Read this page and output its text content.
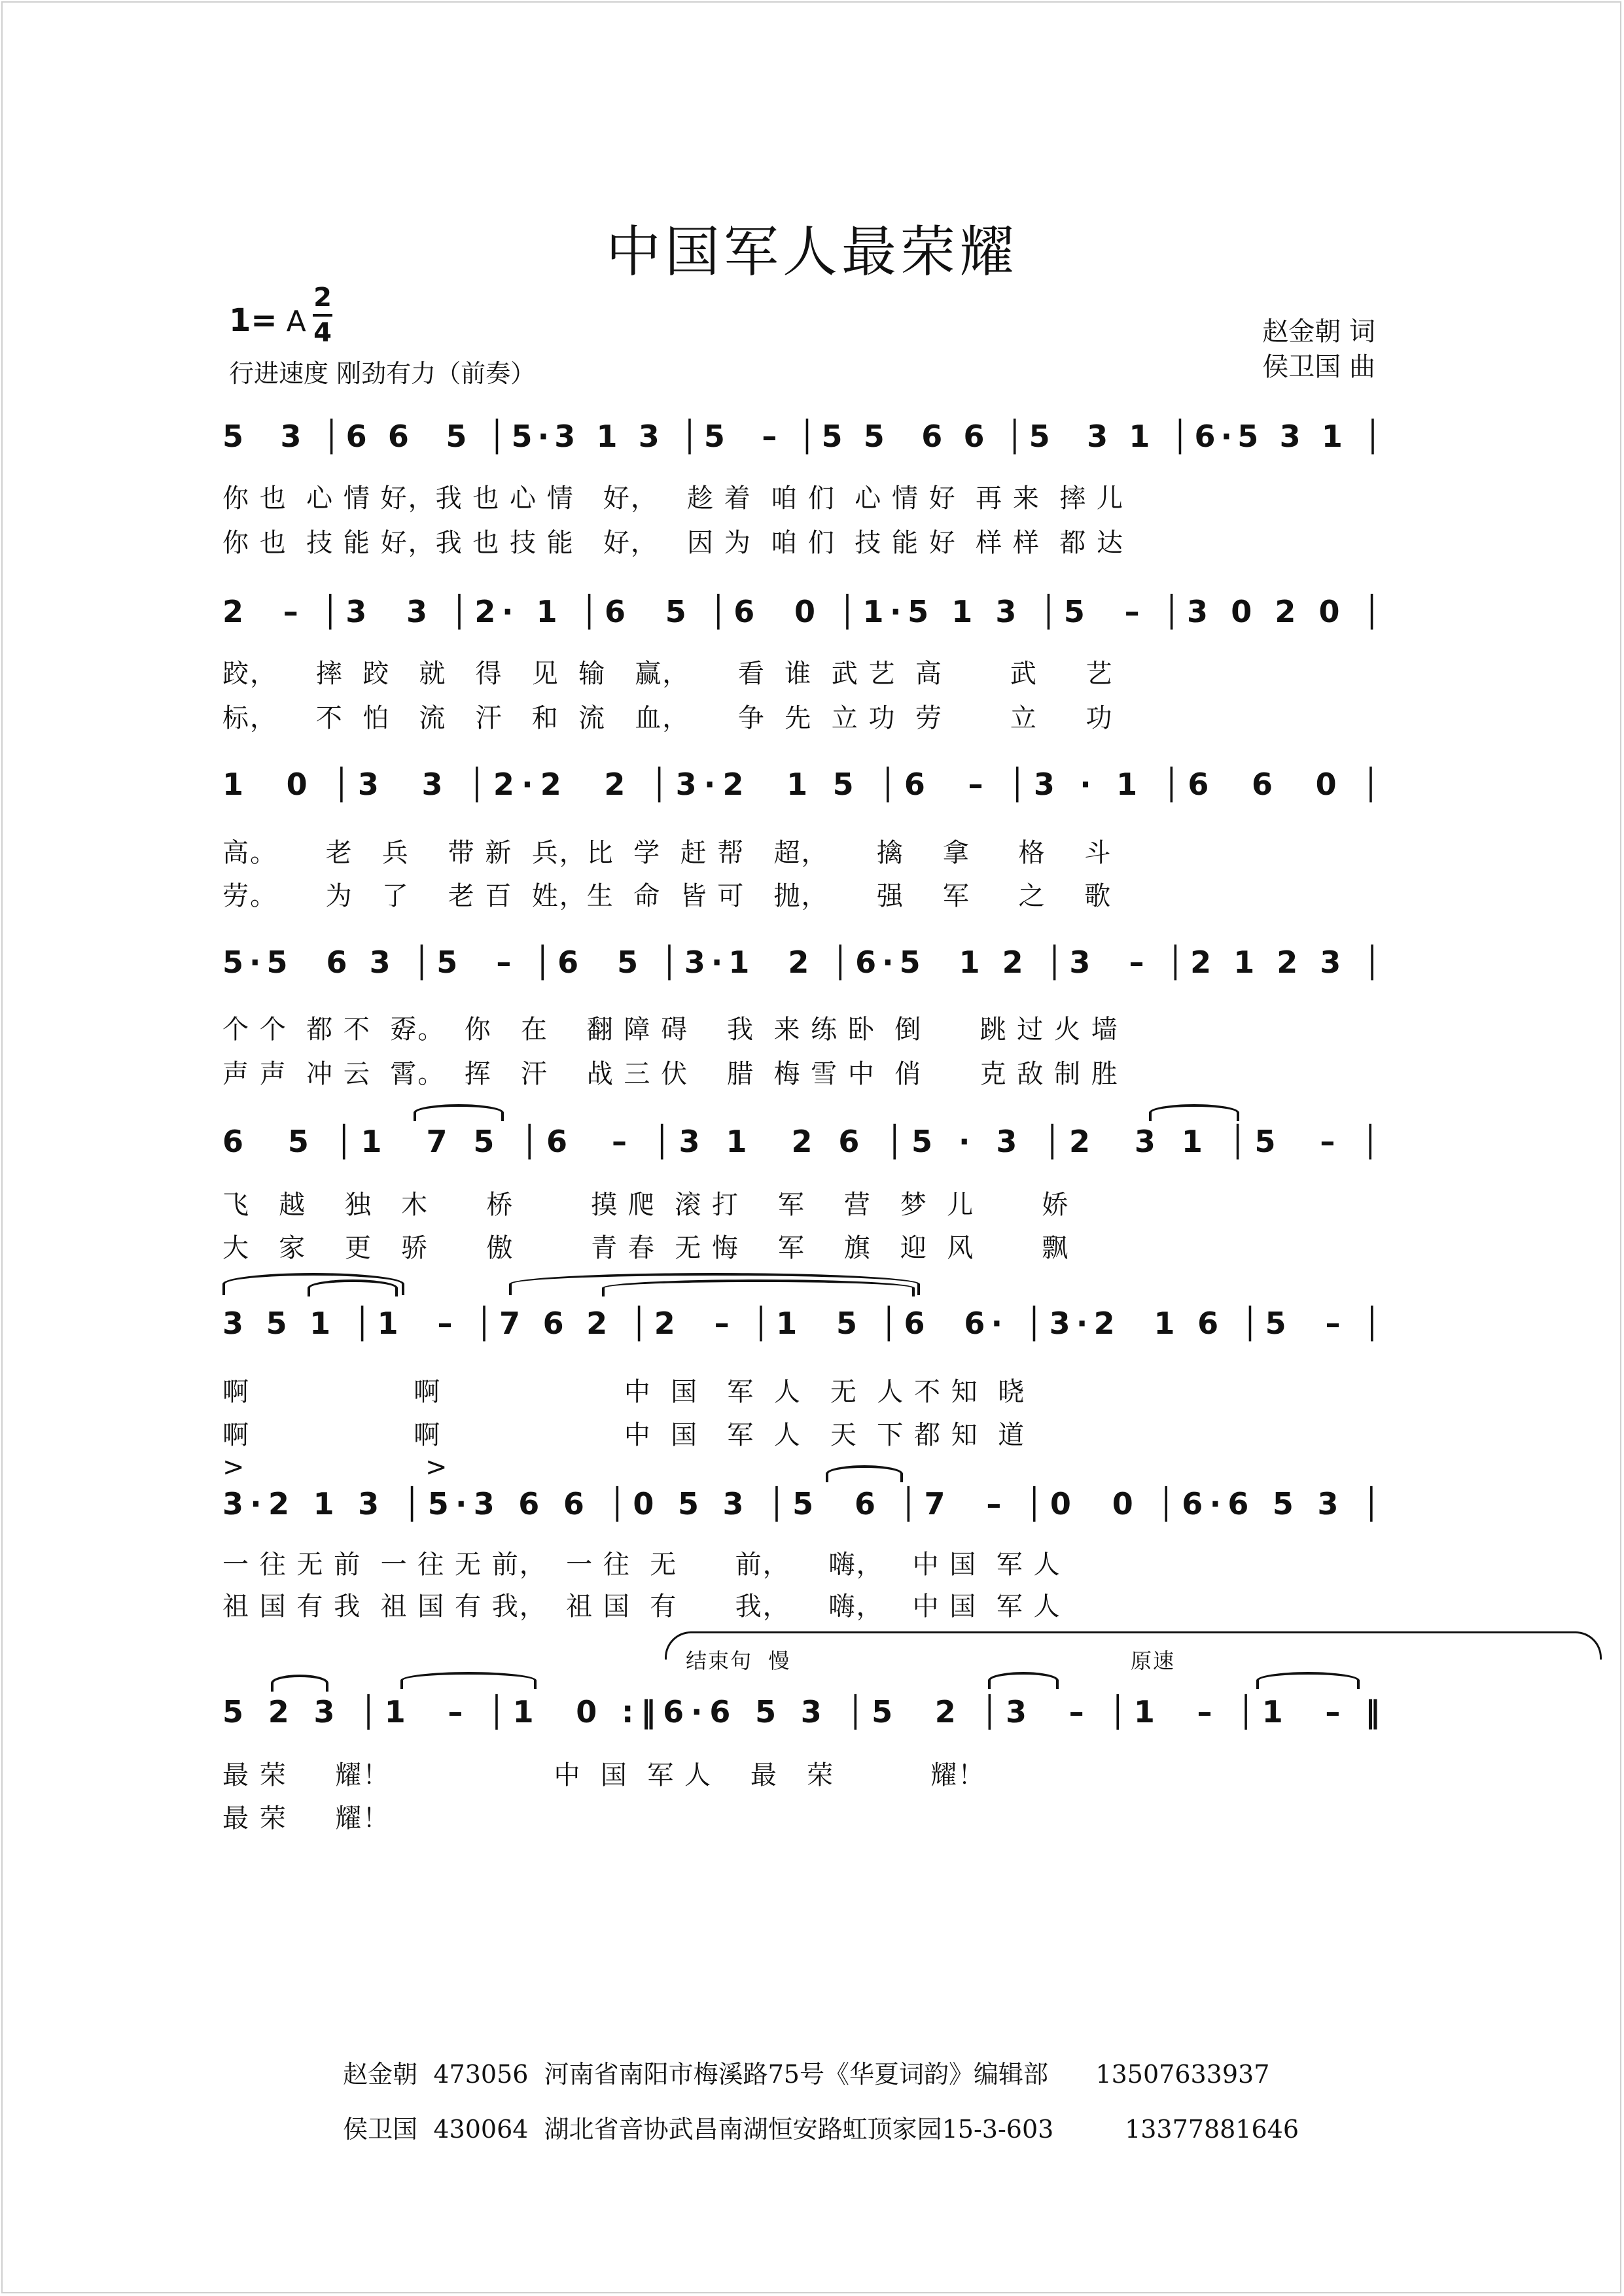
中国军人最荣耀
1= A
2
4
行进速度 刚劲有力（前奏）
赵金朝 词
侯卫国 曲
5  3 │6 6  5 │5·3 1 3 │5  – │5 5  6 6 │5  3 1 │6·5 3 1 │
你 也  心 情 好，我 也 心 情   好，   趁 着  咱 们  心 情 好  再 来  摔 儿
你 也  技 能 好，我 也 技 能   好，   因 为  咱 们  技 能 好  样 样  都 达
2  – │3  3 │2· 1 │6  5 │6  0 │1·5 1 3 │5  – │3 0 2 0 │
跤，    摔  跤   就   得   见  输   赢，     看  谁  武 艺  高       武     艺
标，    不  怕   流   汗   和  流   血，     争  先  立 功  劳       立     功
1  0 │3  3 │2·2  2 │3·2  1 5 │6  – │3 · 1 │6  6  0 │
高。     老   兵    带 新  兵，比  学  赶 帮   超，     擒    拿     格    斗
劳。     为   了    老 百  姓，生  命  皆 可   抛，     强    军     之    歌
5·5  6 3 │5  – │6  5 │3·1  2 │6·5  1 2 │3  – │2 1 2 3 │
个 个  都 不  孬。  你   在    翻 障 碍    我  来 练 卧  倒      跳 过 火 墙
声 声  冲 云  霄。  挥   汗    战 三 伏    腊  梅 雪 中  俏      克 敌 制 胜
6  5 │1  7 5 │6  – │3 1  2 6 │5 · 3 │2  3 1 │5  – │
飞   越    独   木      桥        摸 爬  滚 打    军    营   梦  儿       娇
大   家    更   骄      傲        青 春  无 悔    军    旗   迎  风       飘
3 5 1 │1  – │7 6 2 │2  – │1  5 │6  6· │3·2  1 6 │5  – │
啊                 啊                   中  国   军  人   无  人 不 知  晓
啊                 啊                   中  国   军  人   天  下 都 知  道
>	>
3·2 1 3 │5·3 6 6 │0 5 3 │5  6 │7  – │0  0 │6·6 5 3 │
一 往 无 前  一 往 无 前，  一 往  无      前，    嗨，   中 国  军 人
祖 国 有 我  祖 国 有 我，  祖 国  有      我，    嗨，   中 国  军 人
结束句  慢	原速
5 2 3 │1  – │1  0 :‖6·6 5 3 │5  2 │3  – │1  – │1  – ‖
最 荣     耀！                 中  国  军 人    最   荣          耀！
最 荣     耀！

赵金朝 473056 河南省南阳市梅溪路75号《华夏词韵》编辑部 13507633937

侯卫国 430064 湖北省音协武昌南湖恒安路虹顶家园15-3-603	13377881646
